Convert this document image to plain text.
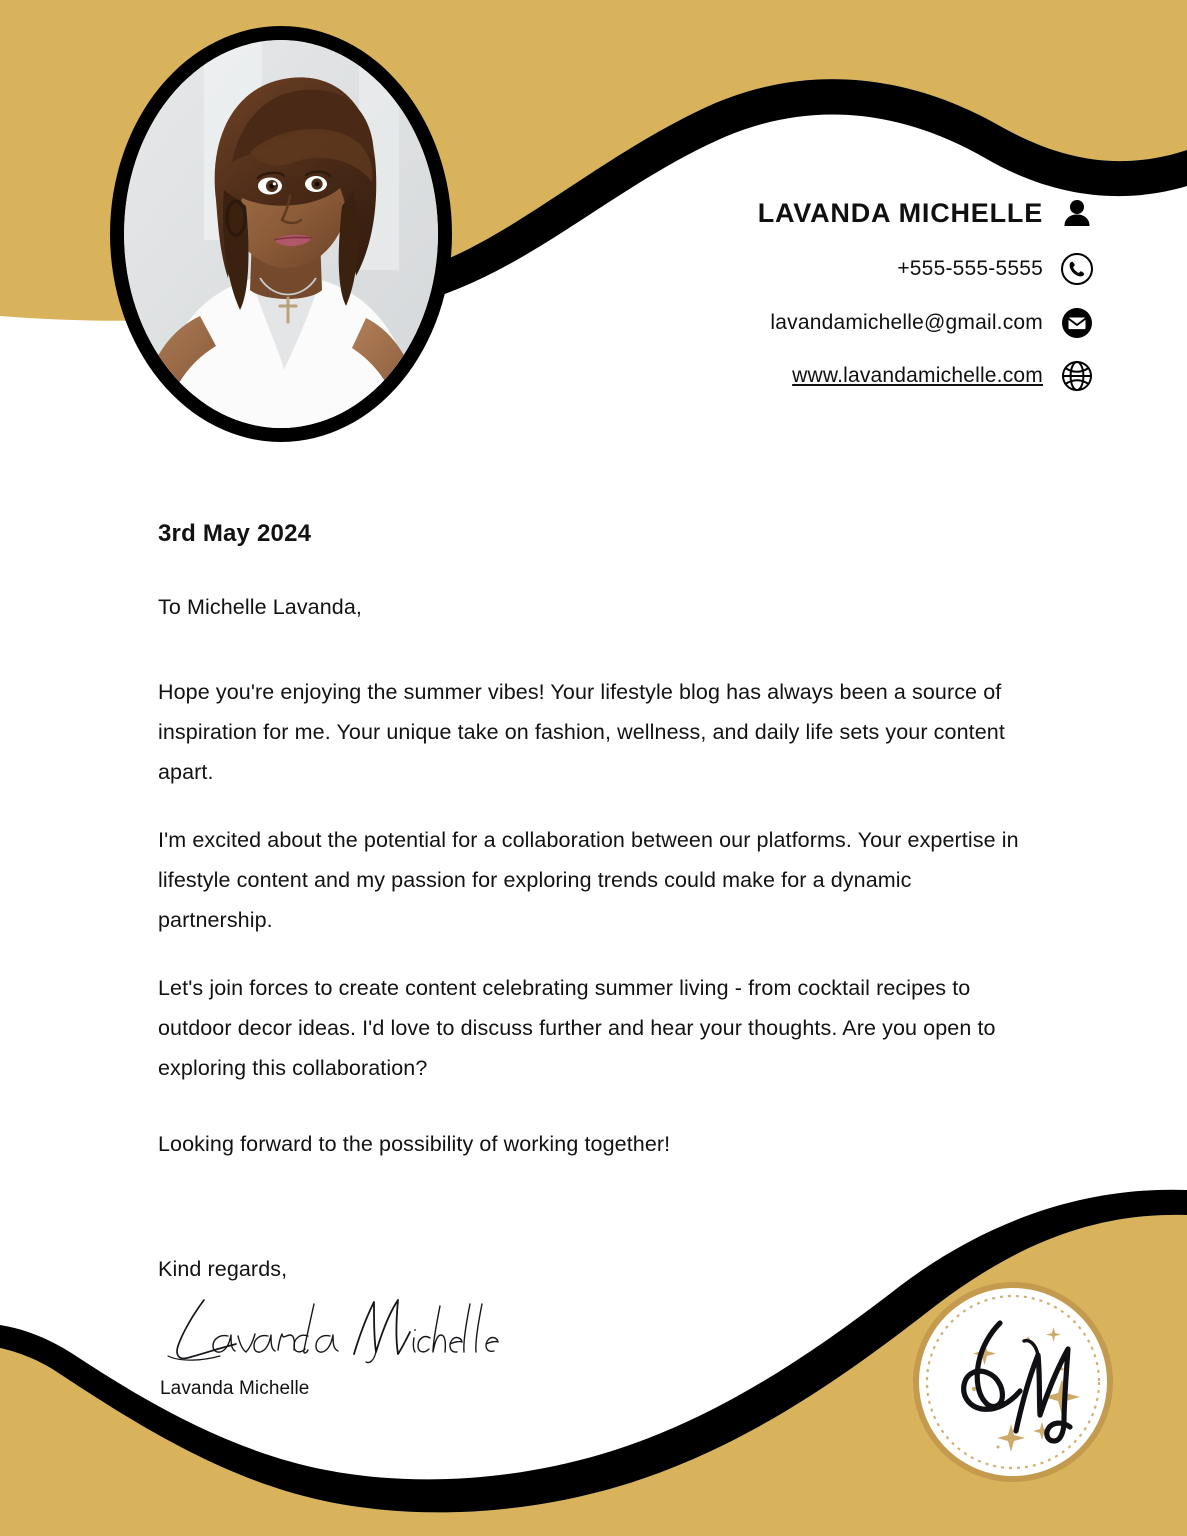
LAVANDA MICHELLE
+555-555-5555
lavandamichelle@gmail.com
www.lavandamichelle.com

3rd May 2024

To Michelle Lavanda,

Hope you're enjoying the summer vibes! Your lifestyle blog has always been a source of inspiration for me. Your unique take on fashion, wellness, and daily life sets your content apart.

I'm excited about the potential for a collaboration between our platforms. Your expertise in lifestyle content and my passion for exploring trends could make for a dynamic partnership.

Let's join forces to create content celebrating summer living - from cocktail recipes to outdoor decor ideas. I'd love to discuss further and hear your thoughts. Are you open to exploring this collaboration?

Looking forward to the possibility of working together!

Kind regards,

Lavanda Michelle
